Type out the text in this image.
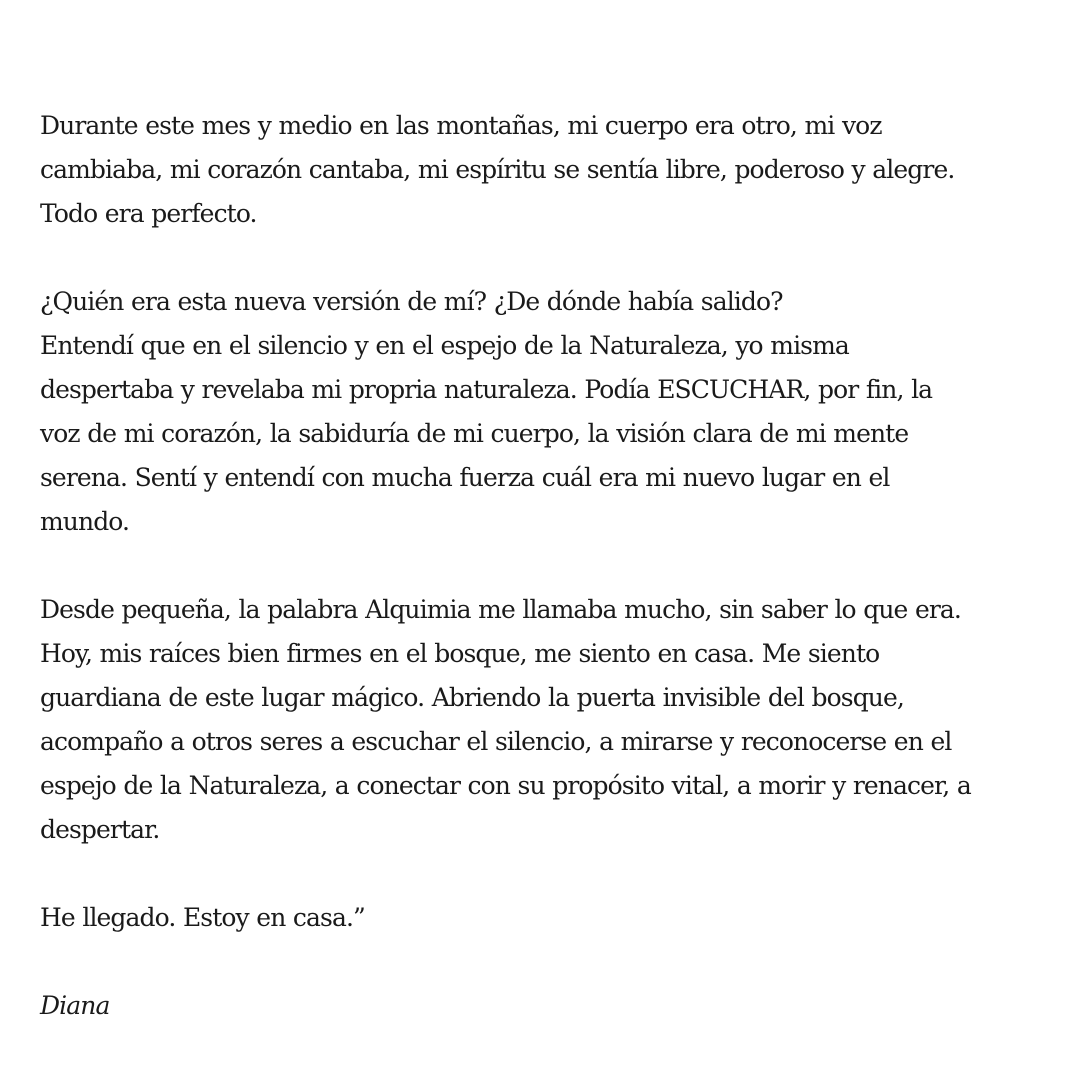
Durante este mes y medio en las montañas, mi cuerpo era otro, mi voz
cambiaba, mi corazón cantaba, mi espíritu se sentía libre, poderoso y alegre.
Todo era perfecto.
¿Quién era esta nueva versión de mí? ¿De dónde había salido?
Entendí que en el silencio y en el espejo de la Naturaleza, yo misma
despertaba y revelaba mi propria naturaleza. Podía ESCUCHAR, por fin, la
voz de mi corazón, la sabiduría de mi cuerpo, la visión clara de mi mente
serena. Sentí y entendí con mucha fuerza cuál era mi nuevo lugar en el
mundo.
Desde pequeña, la palabra Alquimia me llamaba mucho, sin saber lo que era.
Hoy, mis raíces bien firmes en el bosque, me siento en casa. Me siento
guardiana de este lugar mágico. Abriendo la puerta invisible del bosque,
acompaño a otros seres a escuchar el silencio, a mirarse y reconocerse en el
espejo de la Naturaleza, a conectar con su propósito vital, a morir y renacer, a
despertar.
He llegado. Estoy en casa.”
Diana
